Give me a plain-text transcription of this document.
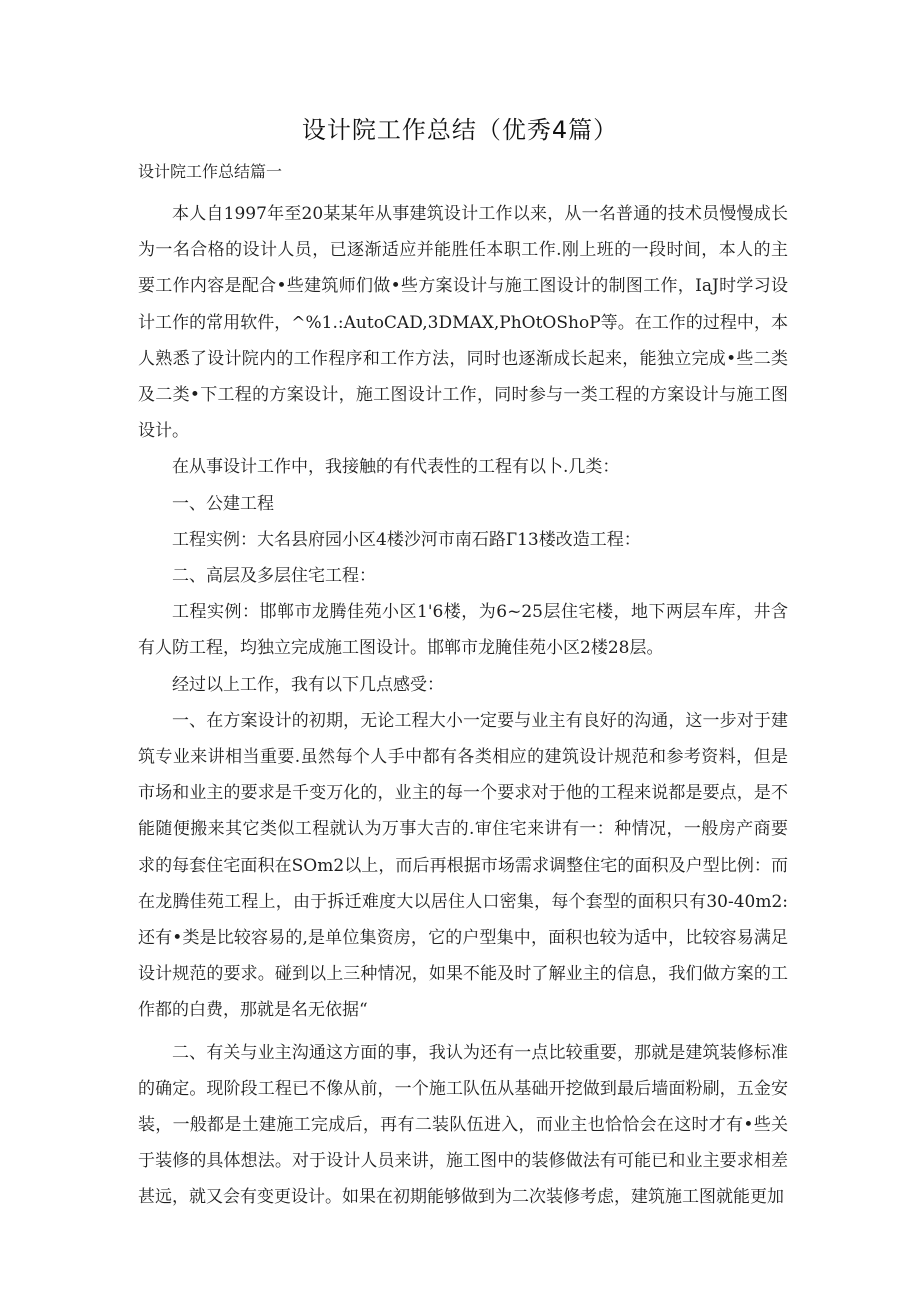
设计院工作总结（优秀4篇）
设计院工作总结篇一

本人自1997年至20某某年从事建筑设计工作以来，从一名普通的技术员慢慢成长为一名合格的设计人员，已逐渐适应并能胜任本职工作.刚上班的一段时间，本人的主要工作内容是配合•些建筑师们做•些方案设计与施工图设计的制图工作，IaJ时学习设计工作的常用软件，^%1.:AutoCAD,3DMAX,PhOtOShoP等。在工作的过程中，本人熟悉了设计院内的工作程序和工作方法，同时也逐渐成长起来，能独立完成•些二类及二类•下工程的方案设计，施工图设计工作，同时参与一类工程的方案设计与施工图设计。

在从事设计工作中，我接触的有代表性的工程有以卜.几类：

一、公建工程

工程实例：大名县府园小区4楼沙河市南石路Г13楼改造工程：

二、高层及多层住宅工程：

工程实例：邯郸市龙腾佳苑小区1'6楼，为6~25层住宅楼，地下两层车库，井含有人防工程，均独立完成施工图设计。邯郸市龙腌佳苑小区2楼28层。

经过以上工作，我有以下几点感受：

一、在方案设计的初期，无论工程大小一定要与业主有良好的沟通，这一步对于建筑专业来讲相当重要.虽然每个人手中都有各类相应的建筑设计规范和参考资料，但是市场和业主的要求是千变万化的，业主的每一个要求对于他的工程来说都是要点，是不能随便搬来其它类似工程就认为万事大吉的.审住宅来讲有一：种情况，一般房产商要求的每套住宅面积在SOm2以上，而后再根据市场需求调整住宅的面积及户型比例：而在龙腾佳苑工程上，由于拆迁难度大以居住人口密集，每个套型的面积只有30-40m2:还有•类是比较容易的,是单位集资房，它的户型集中，面积也较为适中，比较容易满足设计规范的要求。碰到以上三种情况，如果不能及时了解业主的信息，我们做方案的工作都的白费，那就是名无依据“

二、有关与业主沟通这方面的事，我认为还有一点比较重要，那就是建筑装修标准的确定。现阶段工程已不像从前，一个施工队伍从基础开挖做到最后墙面粉刷，五金安装，一般都是土建施工完成后，再有二装队伍进入，而业主也恰恰会在这时才有•些关于装修的具体想法。对于设计人员来讲，施工图中的装修做法有可能已和业主要求相差甚远，就又会有变更设计。如果在初期能够做到为二次装修考虑，建筑施工图就能更加
